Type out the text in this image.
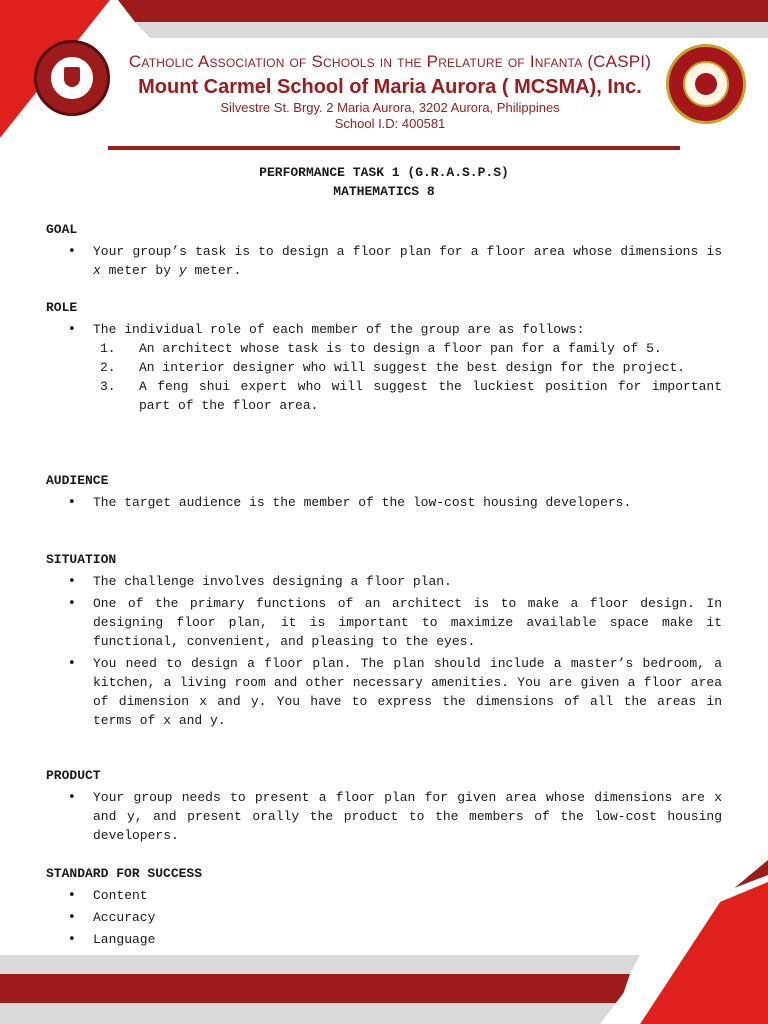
Catholic Association of Schools in the Prelature of Infanta (CASPI)
Mount Carmel School of Maria Aurora ( MCSMA), Inc.
Silvestre St. Brgy. 2 Maria Aurora, 3202 Aurora, Philippines
School I.D: 400581
PERFORMANCE TASK 1 (G.R.A.S.P.S)
MATHEMATICS 8

GOAL

• Your group’s task is to design a floor plan for a floor area whose dimensions is x meter by y meter.

ROLE

• The individual role of each member of the group are as follows:
1. An architect whose task is to design a floor pan for a family of 5.
2. An interior designer who will suggest the best design for the project.
3. A feng shui expert who will suggest the luckiest position for important part of the floor area.

AUDIENCE

• The target audience is the member of the low-cost housing developers.

SITUATION

• The challenge involves designing a floor plan.
• One of the primary functions of an architect is to make a floor design. In designing floor plan, it is important to maximize available space make it functional, convenient, and pleasing to the eyes.
• You need to design a floor plan. The plan should include a master’s bedroom, a kitchen, a living room and other necessary amenities. You are given a floor area of dimension x and y. You have to express the dimensions of all the areas in terms of x and y.

PRODUCT

• Your group needs to present a floor plan for given area whose dimensions are x and y, and present orally the product to the members of the low-cost housing developers.

STANDARD FOR SUCCESS

• Content
• Accuracy
• Language
•
